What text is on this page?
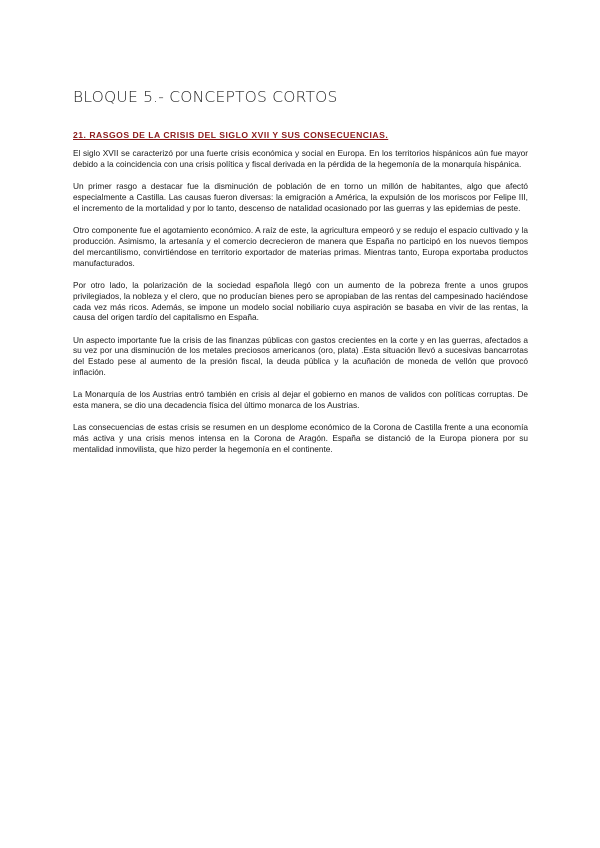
BLOQUE 5.- CONCEPTOS CORTOS
21. RASGOS DE LA CRISIS DEL SIGLO XVII Y SUS CONSECUENCIAS.

El siglo XVII se caracterizó por una fuerte crisis económica y social en Europa. En los territorios hispánicos aún fue mayor debido a la coincidencia con una crisis política y fiscal derivada en la pérdida de la hegemonía de la monarquía hispánica.

Un primer rasgo a destacar fue la disminución de población de en torno un millón de habitantes, algo que afectó especialmente a Castilla. Las causas fueron diversas: la emigración a América, la expulsión de los moriscos por Felipe III, el incremento de la mortalidad y por lo tanto, descenso de natalidad ocasionado por las guerras y las epidemias de peste.

Otro componente fue el agotamiento económico. A raíz de este, la agricultura empeoró y se redujo el espacio cultivado y la producción. Asimismo, la artesanía y el comercio decrecieron de manera que España no participó en los nuevos tiempos del mercantilismo, convirtiéndose en territorio exportador de materias primas. Mientras tanto, Europa exportaba productos manufacturados.

Por otro lado, la polarización de la sociedad española llegó con un aumento de la pobreza frente a unos grupos privilegiados, la nobleza y el clero, que no producían bienes pero se apropiaban de las rentas del campesinado haciéndose cada vez más ricos. Además, se impone un modelo social nobiliario cuya aspiración se basaba en vivir de las rentas, la causa del origen tardío del capitalismo en España.

Un aspecto importante fue la crisis de las finanzas públicas con gastos crecientes en la corte y en las guerras, afectados a su vez por una disminución de los metales preciosos americanos (oro, plata) .Esta situación llevó a sucesivas bancarrotas del Estado pese al aumento de la presión fiscal, la deuda pública y la acuñación de moneda de vellón que provocó inflación.

La Monarquía de los Austrias entró también en crisis al dejar el gobierno en manos de validos con políticas corruptas. De esta manera, se dio una decadencia física del último monarca de los Austrias.

Las consecuencias de estas crisis se resumen en un desplome económico de la Corona de Castilla frente a una economía más activa y una crisis menos intensa en la Corona de Aragón. España se distanció de la Europa pionera por su mentalidad inmovilista, que hizo perder la hegemonía en el continente.
